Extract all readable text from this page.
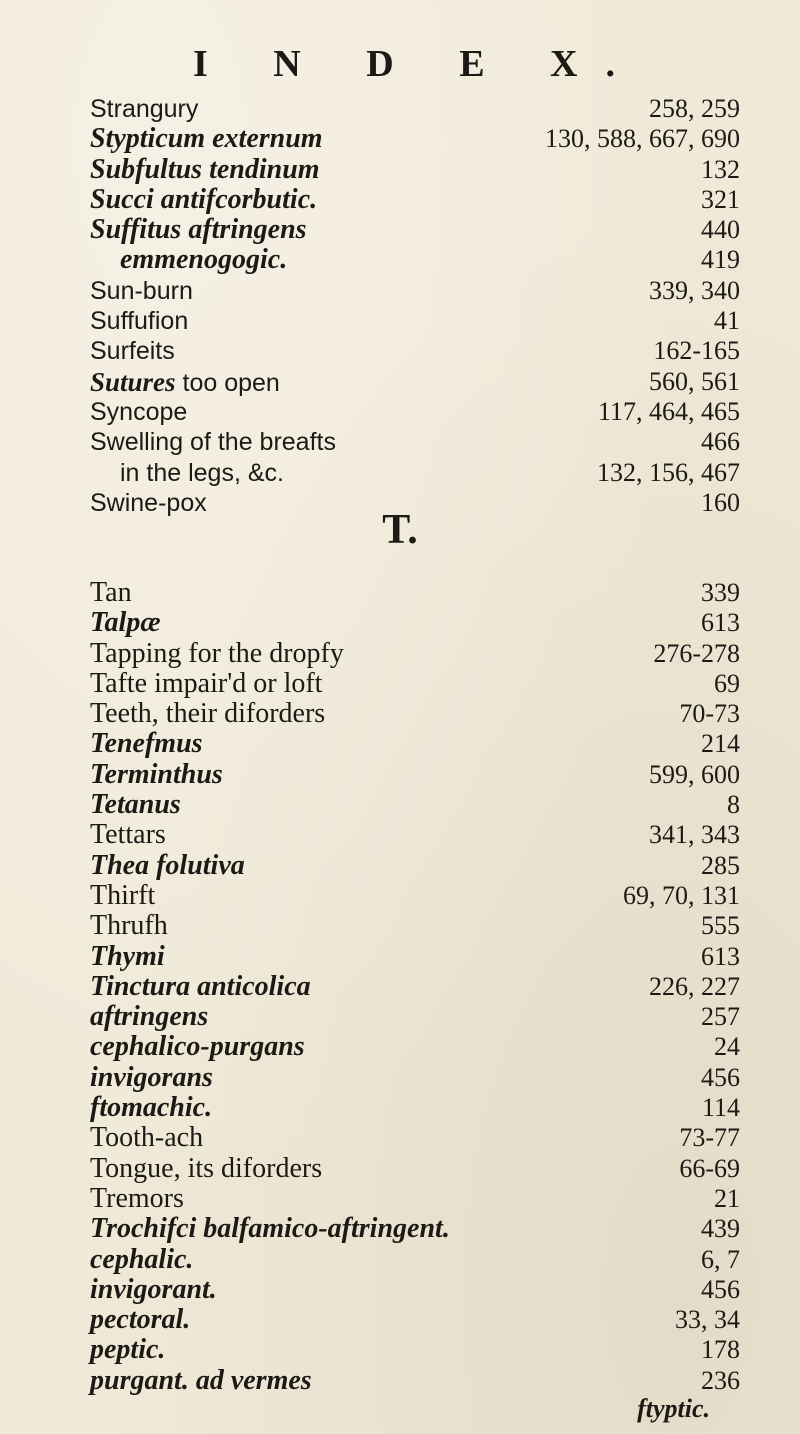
I N D E X.
Strangury	258, 259
Stypticum externum	130, 588, 667, 690
Subfultus tendinum	132
Succi antifcorbutic.	321
Suffitus aftringens	440
emmenogogic.	419
Sun-burn	339, 340
Suffufion	41
Surfeits	162-165
Sutures too open	560, 561
Syncope	117, 464, 465
Swelling of the breafts	466
in the legs, &c.	132, 156, 467
Swine-pox	160
T.
Tan	339
Talpæ	613
Tapping for the dropfy	276-278
Tafte impair'd or loft	69
Teeth, their diforders	70-73
Tenefmus	214
Terminthus	599, 600
Tetanus	8
Tettars	341, 343
Thea folutiva	285
Thirft	69, 70, 131
Thrufh	555
Thymi	613
Tinctura anticolica	226, 227
aftringens	257
cephalico-purgans	24
invigorans	456
ftomachic.	114
Tooth-ach	73-77
Tongue, its diforders	66-69
Tremors	21
Trochifci balfamico-aftringent.	439
cephalic.	6, 7
invigorant.	456
pectoral.	33, 34
peptic.	178
purgant. ad vermes	236
ftyptic.
